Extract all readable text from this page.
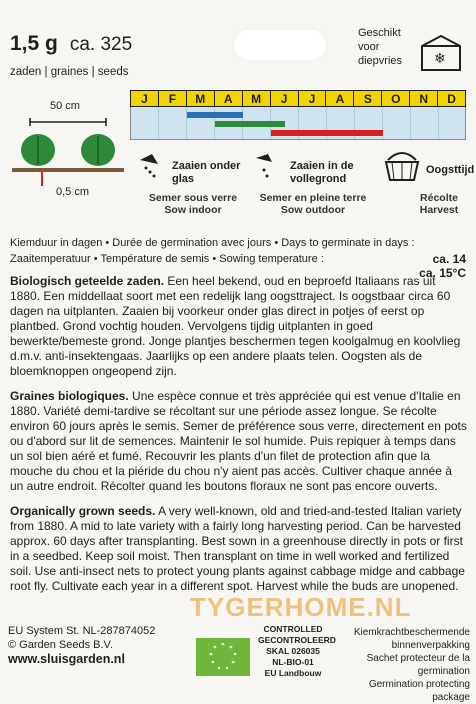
1,5 g ca. 325
zaden | graines | seeds
Geschikt voor diepvries	❄
50 cm
0,5 cm
J	F	M	A	M	J	J	A	S	O	N	D
Zaaien onder glas
Semer sous verre
Sow indoor
Zaaien in de vollegrond
Semer en pleine terre
Sow outdoor
Oogsttijd
Récolte
Harvest
Kiemduur in dagen • Durée de germination avec jours • Days to germinate in days :
ca. 14
Zaaitemperatuur • Température de semis • Sowing temperature :
ca. 15°C

Biologisch geteelde zaden. Een heel bekend, oud en beproefd Italiaans ras uit 1880. Een middellaat soort met een redelijk lang oogsttraject. Is oogstbaar circa 60 dagen na uitplanten. Zaaien bij voorkeur onder glas direct in potjes of eerst op plantbed. Grond vochtig houden. Vervolgens tijdig uitplanten in goed bewerkte/bemeste grond. Jonge plantjes beschermen tegen koolgalmug en koolvlieg d.m.v. anti-insektengaas. Jaarlijks op een andere plaats telen. Oogsten als de bloemknoppen ongeopend zijn.

Graines biologiques. Une espèce connue et très appréciée qui est venue d'Italie en 1880. Variété demi-tardive se récoltant sur une période assez longue. Se récolte environ 60 jours après le semis. Semer de préférence sous verre, directement en pots ou d'abord sur lit de semences. Maintenir le sol humide. Puis repiquer à temps dans un sol bien aéré et fumé. Recouvrir les plants d'un filet de protection afin que la mouche du chou et la piéride du chou n'y aient pas accès. Cultiver chaque année à un autre endroit. Récolter quand les boutons floraux ne sont pas encore ouverts.

Organically grown seeds. A very well-known, old and tried-and-tested Italian variety from 1880. A mid to late variety with a fairly long harvesting period. Can be harvested approx. 60 days after transplanting. Best sown in a greenhouse directly in pots or first in a seedbed. Keep soil moist. Then transplant on time in well worked and fertilized soil. Use anti-insect nets to protect young plants against cabbage midge and cabbage root fly. Cultivate each year in a different spot. Harvest while the buds are unopened.

TYGERHOME.NL
EU System St. NL-287874052
© Garden Seeds B.V.
www.sluisgarden.nl
CONTROLLED
GECONTROLEERD
SKAL 026035
NL-BIO-01
EU Landbouw
Kiemkrachtbeschermende binnenverpakking
Sachet protecteur de la germination
Germination protecting package
